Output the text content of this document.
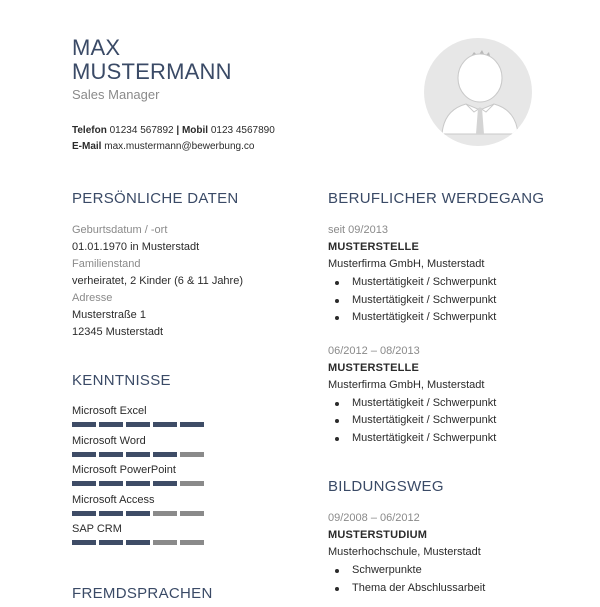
MAX
MUSTERMANN
Sales Manager
Telefon 01234 567892 | Mobil 0123 4567890
E-Mail max.mustermann@bewerbung.co
PERSÖNLICHE DATEN
Geburtsdatum / -ort
01.01.1970 in Musterstadt
Familienstand
verheiratet, 2 Kinder (6 & 11 Jahre)
Adresse
Musterstraße 1
12345 Musterstadt
KENNTNISSE
Microsoft Excel
Microsoft Word
Microsoft PowerPoint
Microsoft Access
SAP CRM
FREMDSPRACHEN
BERUFLICHER WERDEGANG
seit 09/2013
MUSTERSTELLE
Musterfirma GmbH, Musterstadt
Mustertätigkeit / Schwerpunkt
Mustertätigkeit / Schwerpunkt
Mustertätigkeit / Schwerpunkt
06/2012 – 08/2013
MUSTERSTELLE
Musterfirma GmbH, Musterstadt
Mustertätigkeit / Schwerpunkt
Mustertätigkeit / Schwerpunkt
Mustertätigkeit / Schwerpunkt
BILDUNGSWEG
09/2008 – 06/2012
MUSTERSTUDIUM
Musterhochschule, Musterstadt
Schwerpunkte
Thema der Abschlussarbeit
